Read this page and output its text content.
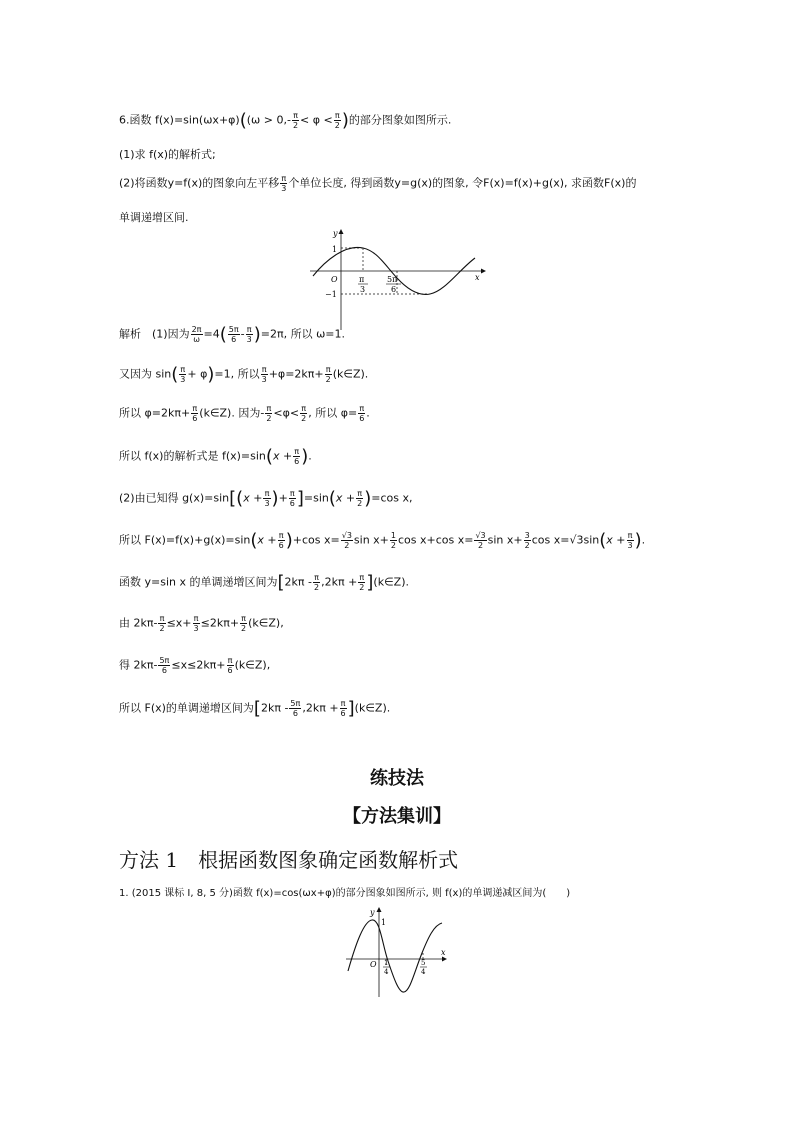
6.函数 $f(x)=\sin(\omega x+\varphi)((\omega > 0,- \frac{\pi}{2} < \varphi < \frac{\pi}{2}$ )的部分图象如图所示.
(1)求 f(x)的解析式;
(2)将函数y=f(x)的图象向左平移 $\frac{\pi}{3}$ 个单位长度, 得到函数y=g(x)的图象, 令F(x)=f(x)+g(x), 求函数F(x)的
单调递增区间.
y
x
O
1
−1
π
3
5π
6
解析　(1)因为 $\frac{2\pi}{\omega} =4( \frac{5\pi}{6} - \frac{\pi}{3} )=2\pi$, 所以 ω=1.
又因为 $\sin( \frac{\pi}{3} + \varphi)=1$, 所以 $\frac{\pi}{3} +\varphi=2k\pi+ \frac{\pi}{2}$ (k∈Z).
所以 $\varphi=2k\pi+ \frac{\pi}{6}$ (k∈Z). 因为- $\frac{\pi}{2} <\varphi< \frac{\pi}{2}$ , 所以 $\varphi= \frac{\pi}{6}$ .
所以 f(x)的解析式是 $f(x)=\sin(x + \frac{\pi}{6}$ ).
(2)由已知得 $g(x)=\sin[(x + \frac{\pi}{3}$ )+ $\frac{\pi}{6} ]=\sin(x + \frac{\pi}{2} )=\cos$ x,
所以 $F(x)=f(x)+g(x)=\sin(x + \frac{\pi}{6} )+\cos$ $x= \frac{√3}{2}$ $\sin x+ \frac{1}{2}$ cos x+cos $x= \frac{√3}{2}$ $\sin x+ \frac{3}{2}$ $\cos x=√3\sin(x + \frac{\pi}{3}$ ).
函数 y=sin x 的单调递增区间为[$2k\pi - \frac{\pi}{2} ,2k\pi + \frac{\pi}{2}$ ](k∈Z).
由 $2k\pi- \frac{\pi}{2} \le x+ \frac{\pi}{3} \le 2k\pi+ \frac{\pi}{2}$ (k∈Z),
得 $2k\pi- \frac{5\pi}{6} \le x\le 2k\pi+ \frac{\pi}{6}$ (k∈Z),
所以 F(x)的单调递增区间为[$2k\pi - \frac{5\pi}{6} ,2k\pi + \frac{\pi}{6}$ ](k∈Z).
练技法
【方法集训】
方法 1　根据函数图象确定函数解析式
1. (2015 课标 Ⅰ, 8, 5 分)函数 f(x)=cos(ωx+φ)的部分图象如图所示, 则 f(x)的单调递减区间为(　　)
y
x
O
1
1
4
5
4
